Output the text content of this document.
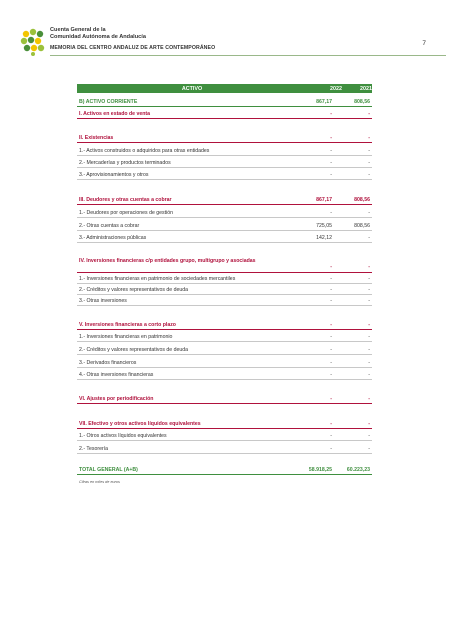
Cuenta General de la
Comunidad Autónoma de Andalucía
MEMORIA DEL CENTRO ANDALUZ DE ARTE CONTEMPORÁNEO
7
ACTIVO	2022	2021
B) ACTIVO CORRIENTE	867,17	808,56
I. Activos en estado de venta	-	-
II. Existencias	-	-
1.- Activos construidos o adquiridos para otras entidades	-	-
2.- Mercaderías y productos terminados	-	-
3.- Aprovisionamientos y otros	-	-
III. Deudores y otras cuentas a cobrar	867,17	808,56
1.- Deudores por operaciones de gestión	-	-
2.- Otras cuentas a cobrar	725,05	808,56
3.- Administraciones públicas	142,12	-
IV. Inversiones financieras c/p entidades grupo, multigrupo y asociadas
-	-
1.- Inversiones financieras en patrimonio de sociedades mercantiles	-	-
2.- Créditos y valores representativos de deuda	-	-
3.- Otras inversiones	-	-
V. Inversiones financieras a corto plazo	-	-
1.- Inversiones financieras en patrimonio	-	-
2.- Créditos y valores representativos de deuda	-	-
3.- Derivados financieros	-	-
4.- Otras inversiones financieras	-	-
VI. Ajustes por periodificación	-	-
VII. Efectivo y otros activos líquidos equivalentes	-	-
1.- Otros activos líquidos equivalentes	-	-
2.- Tesorería	-	-
TOTAL GENERAL (A+B)	58.918,25	60.223,23
Cifras en miles de euros
